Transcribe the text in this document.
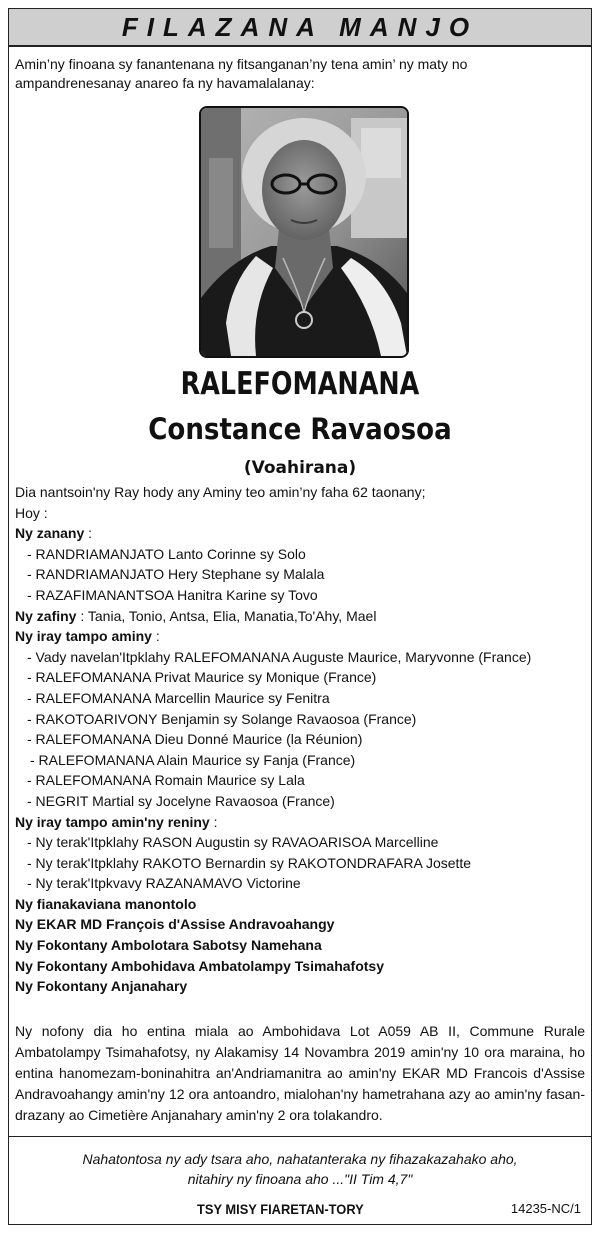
FILAZANA MANJO
Amin’ny finoana sy fanantenana ny fitsanganan’ny tena amin’ ny maty no ampandrenesanay anareo fa ny havamalalanay:
RALEFOMANANA
Constance Ravaosoa
(Voahirana)
Dia nantsoin'ny Ray hody any Aminy teo amin’ny faha 62 taonany;
Hoy :
Ny zanany :
- RANDRIAMANJATO Lanto Corinne sy Solo
- RANDRIAMANJATO Hery Stephane sy Malala
- RAZAFIMANANTSOA Hanitra Karine sy Tovo
Ny zafiny : Tania, Tonio, Antsa, Elia, Manatia,To'Ahy, Mael
Ny iray tampo aminy :
- Vady navelan'Itpklahy RALEFOMANANA Auguste Maurice, Maryvonne (France)
- RALEFOMANANA Privat Maurice sy Monique (France)
- RALEFOMANANA Marcellin Maurice sy Fenitra
- RAKOTOARIVONY Benjamin sy Solange Ravaosoa (France)
- RALEFOMANANA Dieu Donné Maurice (la Réunion)
- RALEFOMANANA Alain Maurice sy Fanja (France)
- RALEFOMANANA Romain Maurice sy Lala
- NEGRIT Martial sy Jocelyne Ravaosoa (France)
Ny iray tampo amin'ny reniny :
- Ny terak'Itpklahy RASON Augustin sy RAVAOARISOA Marcelline
- Ny terak'Itpklahy RAKOTO Bernardin sy RAKOTONDRAFARA Josette
- Ny terak'Itpkvavy RAZANAMAVO Victorine
Ny fianakaviana manontolo
Ny EKAR MD François d'Assise Andravoahangy
Ny Fokontany Ambolotara Sabotsy Namehana
Ny Fokontany Ambohidava Ambatolampy Tsimahafotsy
Ny Fokontany Anjanahary
Ny nofony dia ho entina miala ao Ambohidava Lot A059 AB II, Commune Rurale Ambatolampy Tsimahafotsy, ny Alakamisy 14 Novambra 2019 amin'ny 10 ora maraina, ho entina hanomezam-boninahitra an'Andriamanitra ao amin'ny EKAR MD Francois d'Assise Andravoahangy amin'ny 12 ora antoandro, mialohan'ny hametrahana azy ao amin'ny fasan-drazany ao Cimetière Anjanahary amin'ny 2 ora tolakandro.
Nahatontosa ny ady tsara aho, nahatanteraka ny fihazakazahako aho,
nitahiry ny finoana aho ..."II Tim 4,7"
TSY MISY FIARETAN-TORY	14235-NC/1
